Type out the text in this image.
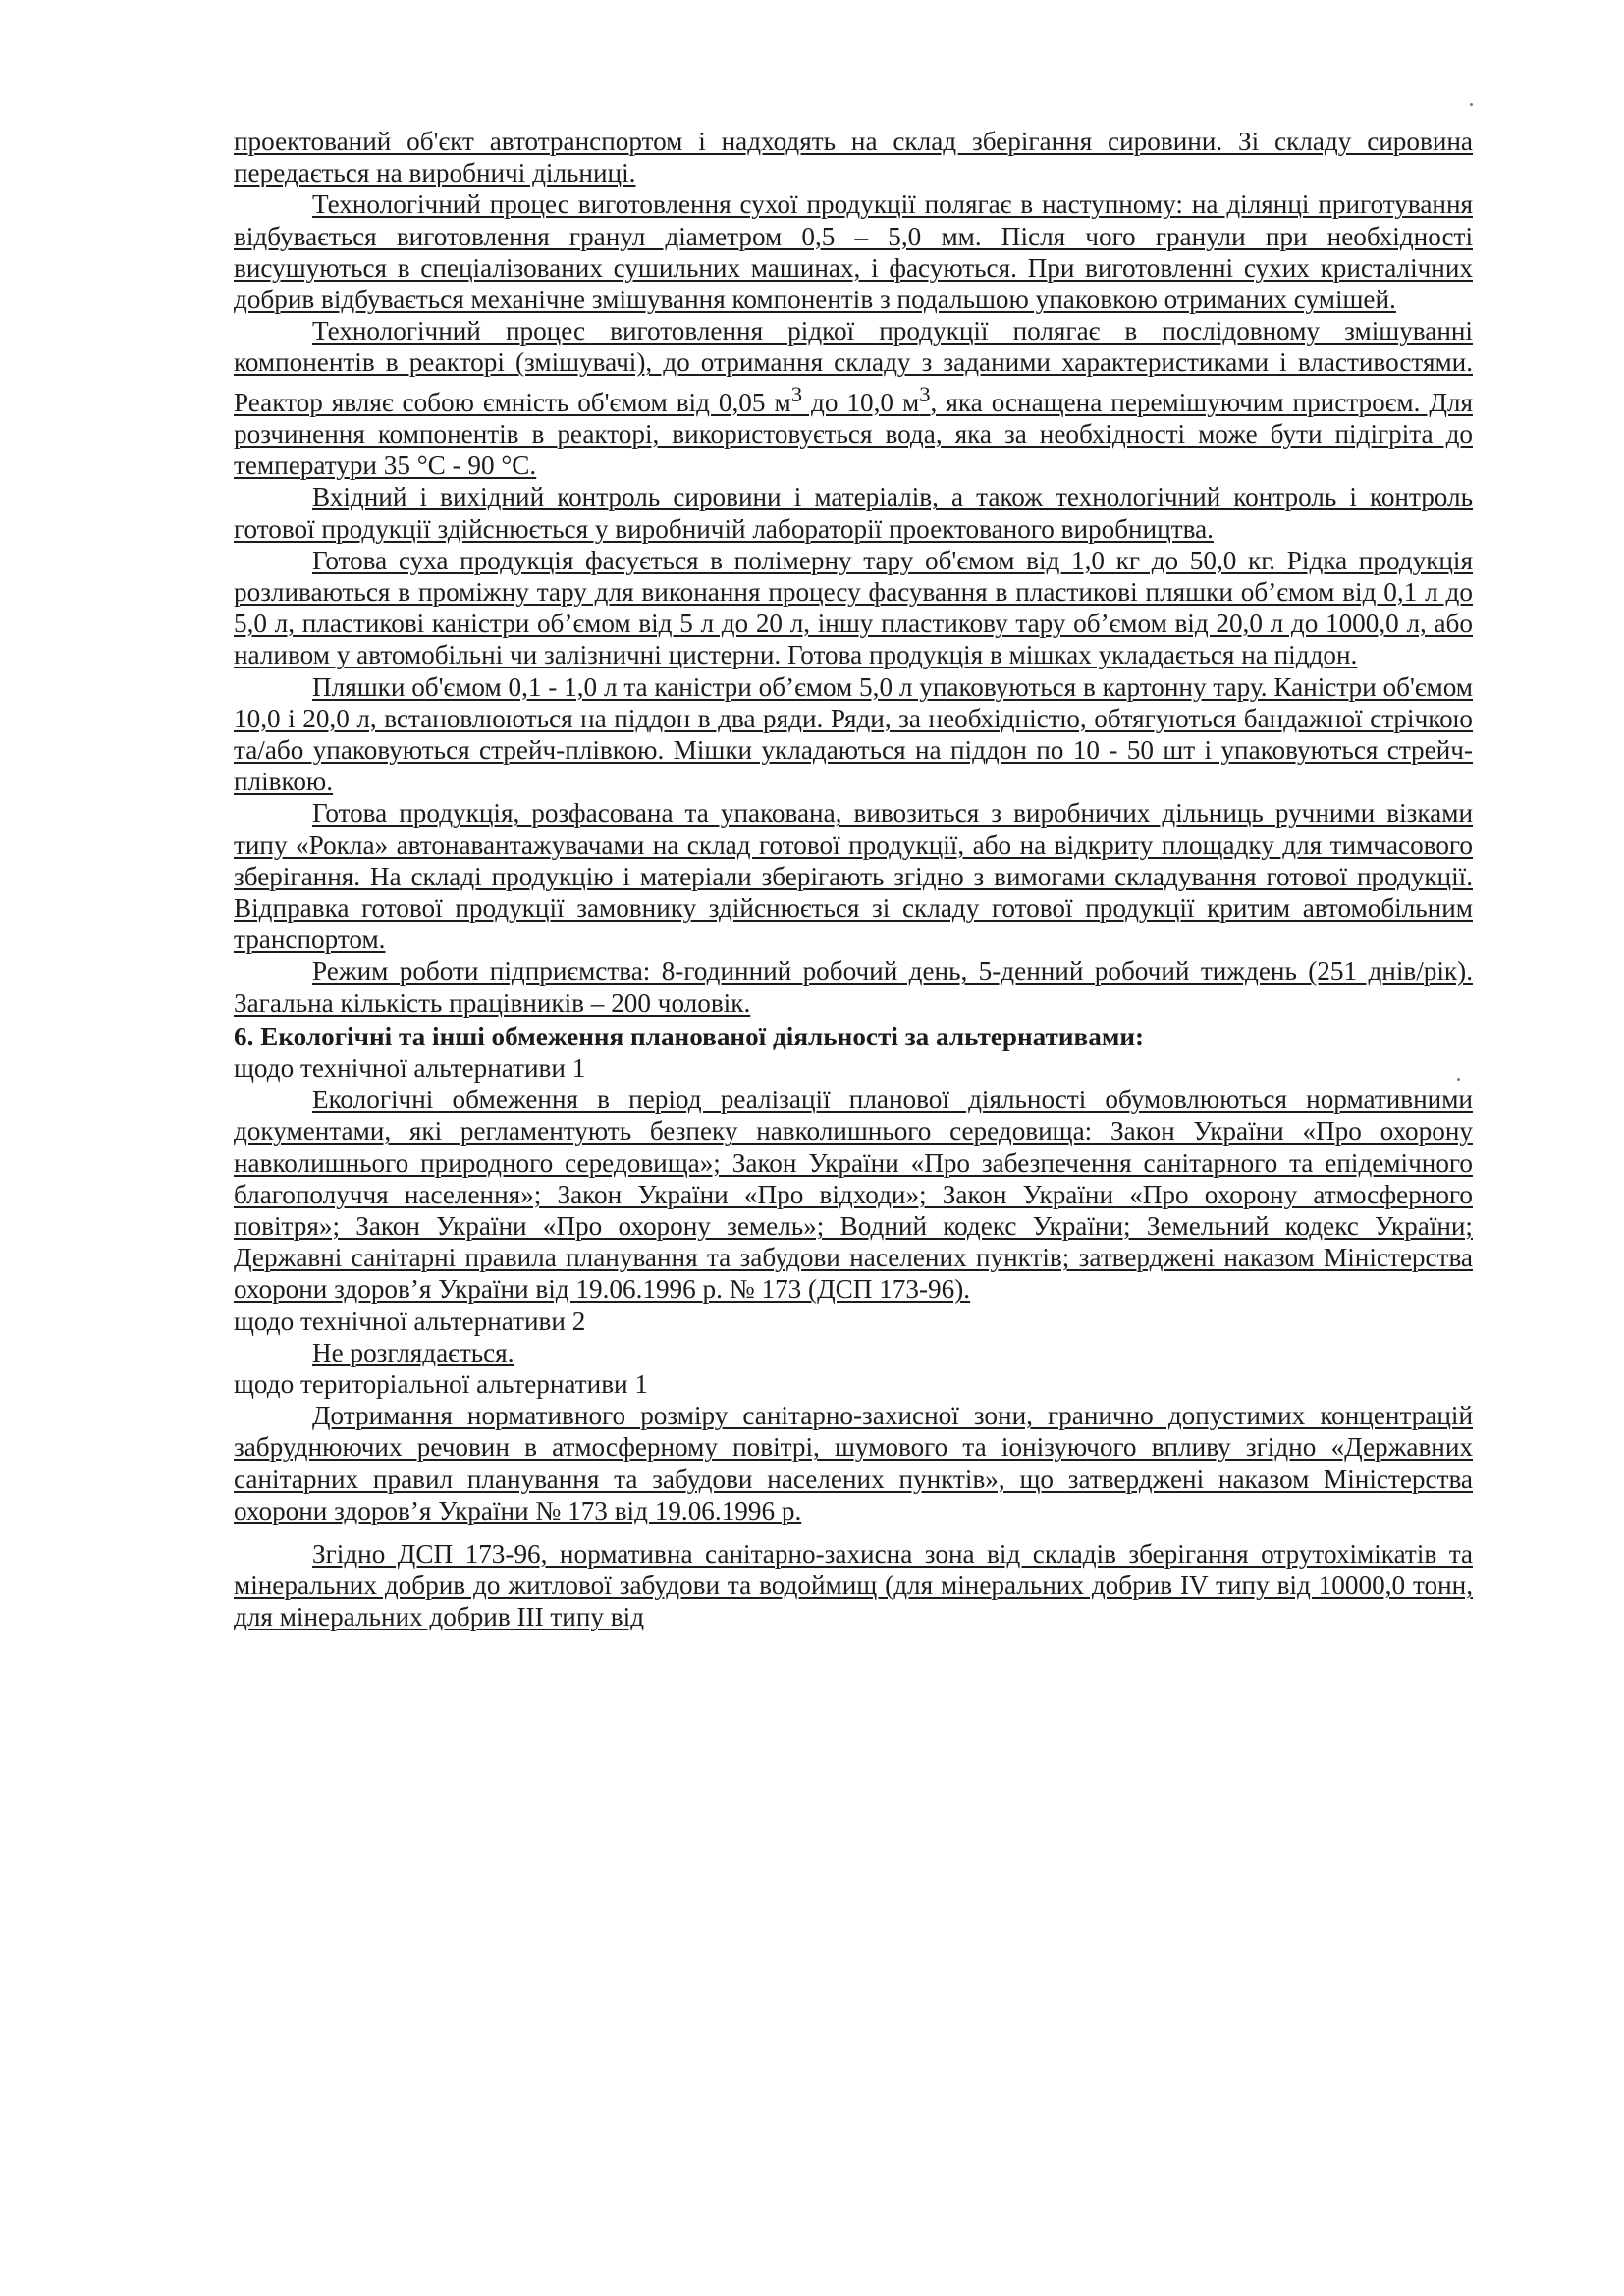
проектований об'єкт автотранспортом і надходять на склад зберігання сировини. Зі складу сировина передається на виробничі дільниці.

Технологічний процес виготовлення сухої продукції полягає в наступному: на ділянці приготування відбувається виготовлення гранул діаметром 0,5 – 5,0 мм. Після чого гранули при необхідності висушуються в спеціалізованих сушильних машинах, і фасуються. При виготовленні сухих кристалічних добрив відбувається механічне змішування компонентів з подальшою упаковкою отриманих сумішей.

Технологічний процес виготовлення рідкої продукції полягає в послідовному змішуванні компонентів в реакторі (змішувачі), до отримання складу з заданими характеристиками і властивостями. Реактор являє собою ємність об'ємом від 0,05 $м^3$ до 10,0 $м^3$, яка оснащена перемішуючим пристроєм. Для розчинення компонентів в реакторі, використовується вода, яка за необхідності може бути підігріта до температури 35 °С - 90 °С.

Вхідний і вихідний контроль сировини і матеріалів, а також технологічний контроль і контроль готової продукції здійснюється у виробничій лабораторії проектованого виробництва.

Готова суха продукція фасується в полімерну тару об'ємом від 1,0 кг до 50,0 кг. Рідка продукція розливаються в проміжну тару для виконання процесу фасування в пластикові пляшки об’ємом від 0,1 л до 5,0 л, пластикові каністри об’ємом від 5 л до 20 л, іншу пластикову тару об’ємом від 20,0 л до 1000,0 л, або наливом у автомобільні чи залізничні цистерни. Готова продукція в мішках укладається на піддон.

Пляшки об'ємом 0,1 - 1,0 л та каністри об’ємом 5,0 л упаковуються в картонну тару. Каністри об'ємом 10,0 і 20,0 л, встановлюються на піддон в два ряди. Ряди, за необхідністю, обтягуються бандажної стрічкою та/або упаковуються стрейч-плівкою. Мішки укладаються на піддон по 10 - 50 шт і упаковуються стрейч-плівкою.

Готова продукція, розфасована та упакована, вивозиться з виробничих дільниць ручними візками типу «Рокла» автонавантажувачами на склад готової продукції, або на відкриту площадку для тимчасового зберігання. На складі продукцію і матеріали зберігають згідно з вимогами складування готової продукції. Відправка готової продукції замовнику здійснюється зі складу готової продукції критим автомобільним транспортом.

Режим роботи підприємства: 8-годинний робочий день, 5-денний робочий тиждень (251 днів/рік). Загальна кількість працівників – 200 чоловік.

6. Екологічні та інші обмеження планованої діяльності за альтернативами:

щодо технічної альтернативи 1

Екологічні обмеження в період реалізації планової діяльності обумовлюються нормативними документами, які регламентують безпеку навколишнього середовища: Закон України «Про охорону навколишнього природного середовища»; Закон України «Про забезпечення санітарного та епідемічного благополуччя населення»; Закон України «Про відходи»; Закон України «Про охорону атмосферного повітря»; Закон України «Про охорону земель»; Водний кодекс України; Земельний кодекс України; Державні санітарні правила планування та забудови населених пунктів; затверджені наказом Міністерства охорони здоров’я України від 19.06.1996 р. № 173 (ДСП 173-96).

щодо технічної альтернативи 2

Не розглядається.

щодо територіальної альтернативи 1

Дотримання нормативного розміру санітарно-захисної зони, гранично допустимих концентрацій забруднюючих речовин в атмосферному повітрі, шумового та іонізуючого впливу згідно «Державних санітарних правил планування та забудови населених пунктів», що затверджені наказом Міністерства охорони здоров’я України № 173 від 19.06.1996 р.

Згідно ДСП 173-96, нормативна санітарно-захисна зона від складів зберігання отрутохімікатів та мінеральних добрив до житлової забудови та водоймищ (для мінеральних добрив IV типу від 10000,0 тонн, для мінеральних добрив III типу від
